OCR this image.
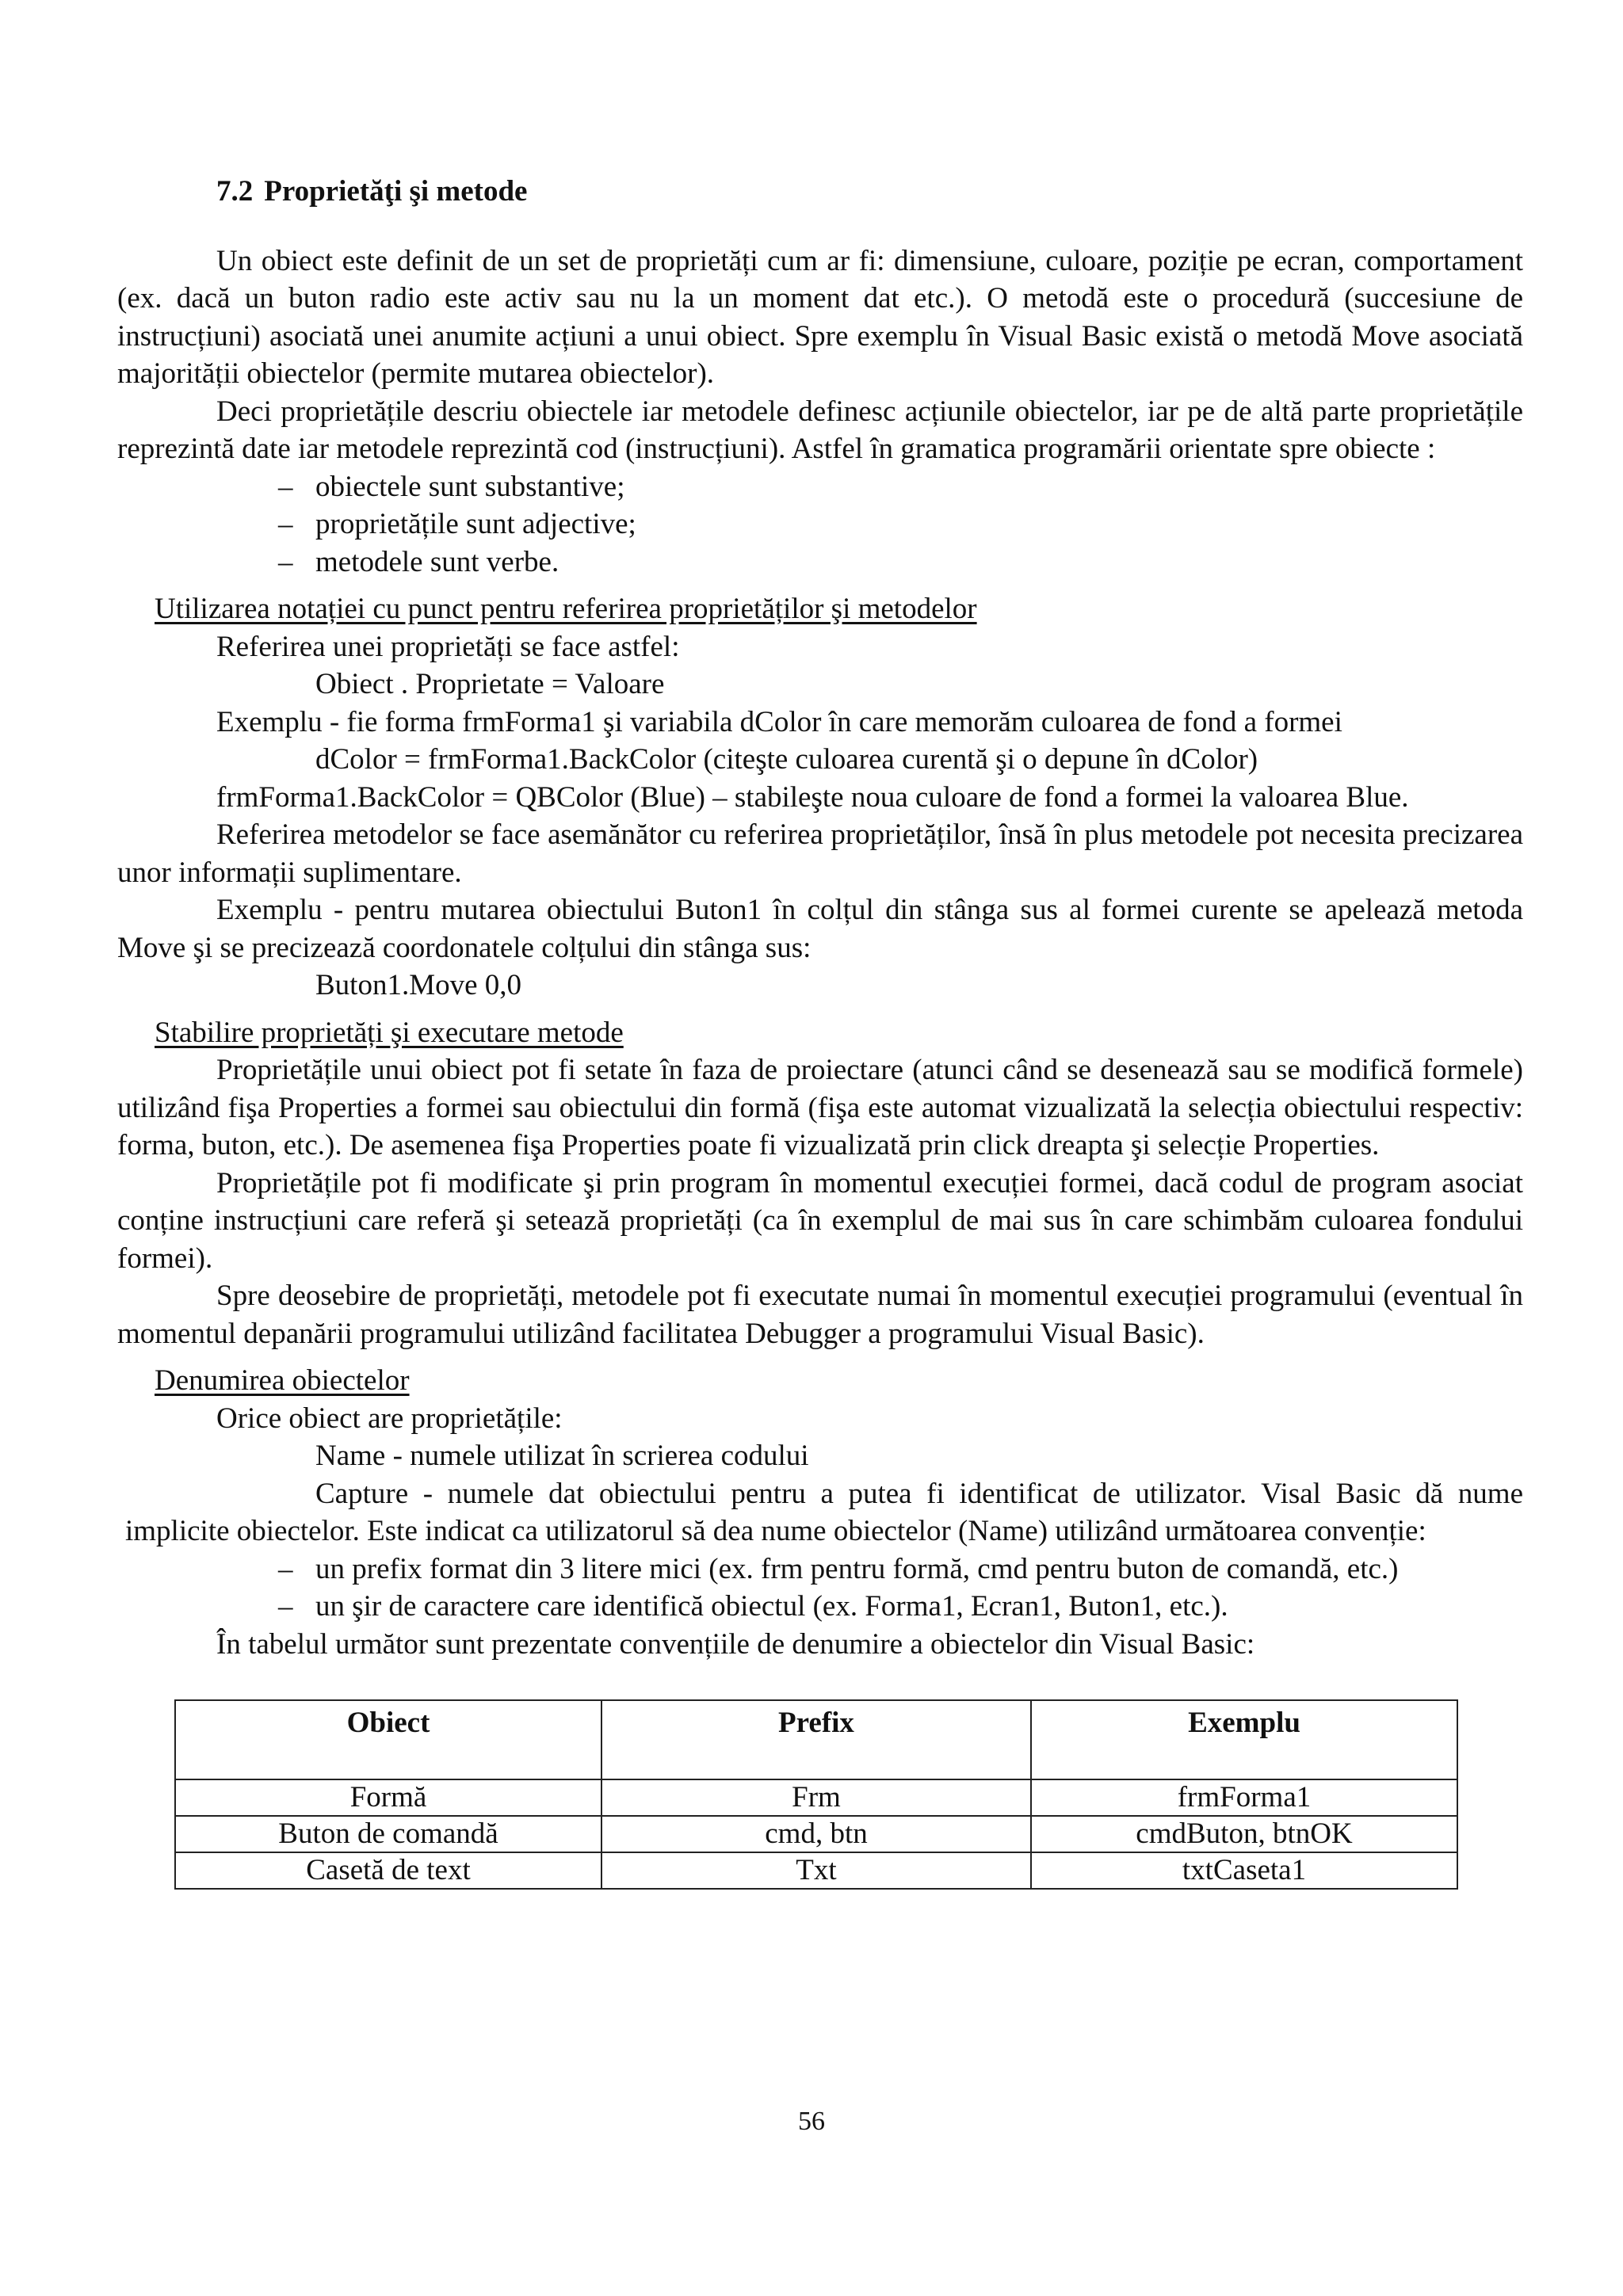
7.2 Proprietăţi şi metode

Un obiect este definit de un set de proprietăți cum ar fi: dimensiune, culoare, poziție pe ecran, comportament (ex. dacă un buton radio este activ sau nu la un moment dat etc.). O metodă este o procedură (succesiune de instrucțiuni) asociată unei anumite acțiuni a unui obiect. Spre exemplu în Visual Basic există o metodă Move asociată majorității obiectelor (permite mutarea obiectelor).

Deci proprietățile descriu obiectele iar metodele definesc acțiunile obiectelor, iar pe de altă parte proprietățile reprezintă date iar metodele reprezintă cod (instrucțiuni). Astfel în gramatica programării orientate spre obiecte :

– obiectele sunt substantive;

– proprietățile sunt adjective;

– metodele sunt verbe.

Utilizarea notației cu punct pentru referirea proprietăților şi metodelor

Referirea unei proprietăți se face astfel:

Obiect . Proprietate = Valoare

Exemplu - fie forma frmForma1 şi variabila dColor în care memorăm culoarea de fond a formei

dColor = frmForma1.BackColor (citeşte culoarea curentă şi o depune în dColor)

frmForma1.BackColor = QBColor (Blue) – stabileşte noua culoare de fond a formei la valoarea Blue.

Referirea metodelor se face asemănător cu referirea proprietăților, însă în plus metodele pot necesita precizarea unor informații suplimentare.

Exemplu - pentru mutarea obiectului Buton1 în colțul din stânga sus al formei curente se apelează metoda Move şi se precizează coordonatele colțului din stânga sus:

Buton1.Move 0,0

Stabilire proprietăți şi executare metode

Proprietățile unui obiect pot fi setate în faza de proiectare (atunci când se desenează sau se modifică formele) utilizând fişa Properties a formei sau obiectului din formă (fişa este automat vizualizată la selecția obiectului respectiv: forma, buton, etc.). De asemenea fişa Properties poate fi vizualizată prin click dreapta şi selecție Properties.

Proprietățile pot fi modificate şi prin program în momentul execuției formei, dacă codul de program asociat conține instrucțiuni care referă şi setează proprietăți (ca în exemplul de mai sus în care schimbăm culoarea fondului formei).

Spre deosebire de proprietăți, metodele pot fi executate numai în momentul execuției programului (eventual în momentul depanării programului utilizând facilitatea Debugger a programului Visual Basic).

Denumirea obiectelor

Orice obiect are proprietățile:

Name - numele utilizat în scrierea codului

Capture - numele dat obiectului pentru a putea fi identificat de utilizator. Visal Basic dă nume implicite obiectelor. Este indicat ca utilizatorul să dea nume obiectelor (Name) utilizând următoarea convenție:

– un prefix format din 3 litere mici (ex. frm pentru formă, cmd pentru buton de comandă, etc.)

– un şir de caractere care identifică obiectul (ex. Forma1, Ecran1, Buton1, etc.).

În tabelul următor sunt prezentate convențiile de denumire a obiectelor din Visual Basic:

Obiect	Prefix	Exemplu
Formă	Frm	frmForma1
Buton de comandă	cmd, btn	cmdButon, btnOK
Casetă de text	Txt	txtCaseta1
56
